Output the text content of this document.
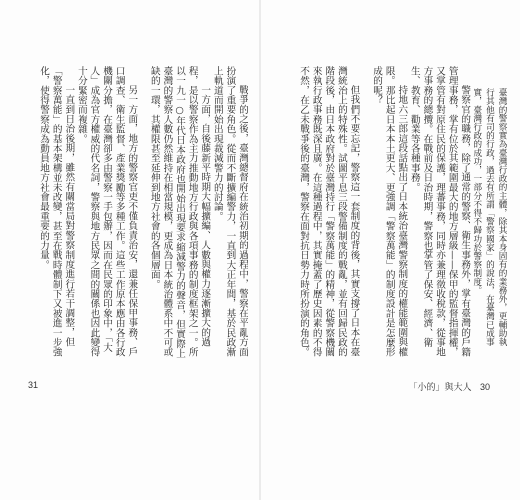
戰爭的之後，臺灣總督府在統治初期的過程中，警察在平亂方面扮演了重要角色。從而不斷擴編警力，一直到大正年間，基於民政漸上軌道而開始出現裁減警力的討論。

一方面，自後藤新平時期大幅擴編、人數與權力逐漸擴大的過程，是以警察作為主力推動地方行政與各項事務的制度框架之一。所以一九一○年代日本政府也開始出現要求縮減警力的聲音，但實際上臺灣的警察人數仍然維持在相當規模，更成為日本統治體系中不可或缺的一環，其權限甚至延伸到地方社會的各個層面。

另一方面，地方的警察官吏不僅負責治安，還兼任保甲事務、戶口調查、衛生監督、產業獎勵等多種工作。這些工作原本應由各行政機關分擔，在臺灣卻多由警察一手包辦，因而在民眾的印象中，「大人」成為官方權威的代名詞，警察與地方民眾之間的關係也因此變得十分緊密而複雜。

一直到日治後期，雖然有關當局對警察制度進行若干調整，但「警察萬能」的基本架構並未改變，甚至在戰時體制下又被進一步強化，使得警察成為動員地方社會最重要的力量。

31

臺灣的警察實為臺灣行政的主體，除其本身固有的業務外，更輔助執行其他有司的行政，過去有所謂「警察國家」的說法，在臺灣已成事實，臺灣行政的成功，一部分不得不歸功於警察制度。

警察官的職務，除了通常的警察、衛生事務外，掌有臺灣的戶籍管理事務，掌有位於其範圍最大的地方層級——保甲的監督指揮權，又掌管有對原住民的保護，理蕃事務，同時亦兼理徵收稅款，從事地方事務的總攬。在戰前及日治時期，警察也掌管了保安、經濟、衛生、教育、勸業等各種事務。

持地六三郎這段話點出了日本統治臺灣警察制度的權能範圍與權限。那比起日本本土更大、更強調「警察萬能」的制度設計是怎麼形成的呢？

但我們不要忘記，警察這一套制度的背後，其實支撐了日本在臺灣統治上的特殊性。試圖平息三段警備制度的戰亂，並有回歸民政的階段後，由日本政府對於臺灣持行「警察萬能」的精神，從警察機關來執行政事務既深且廣。在這種過程中，其實掩蓋了歷史因素的不得不然，在乙未戰爭後的臺灣，警察在面對抗日勢力時所扮演的角色。

「小的」與大人 30
